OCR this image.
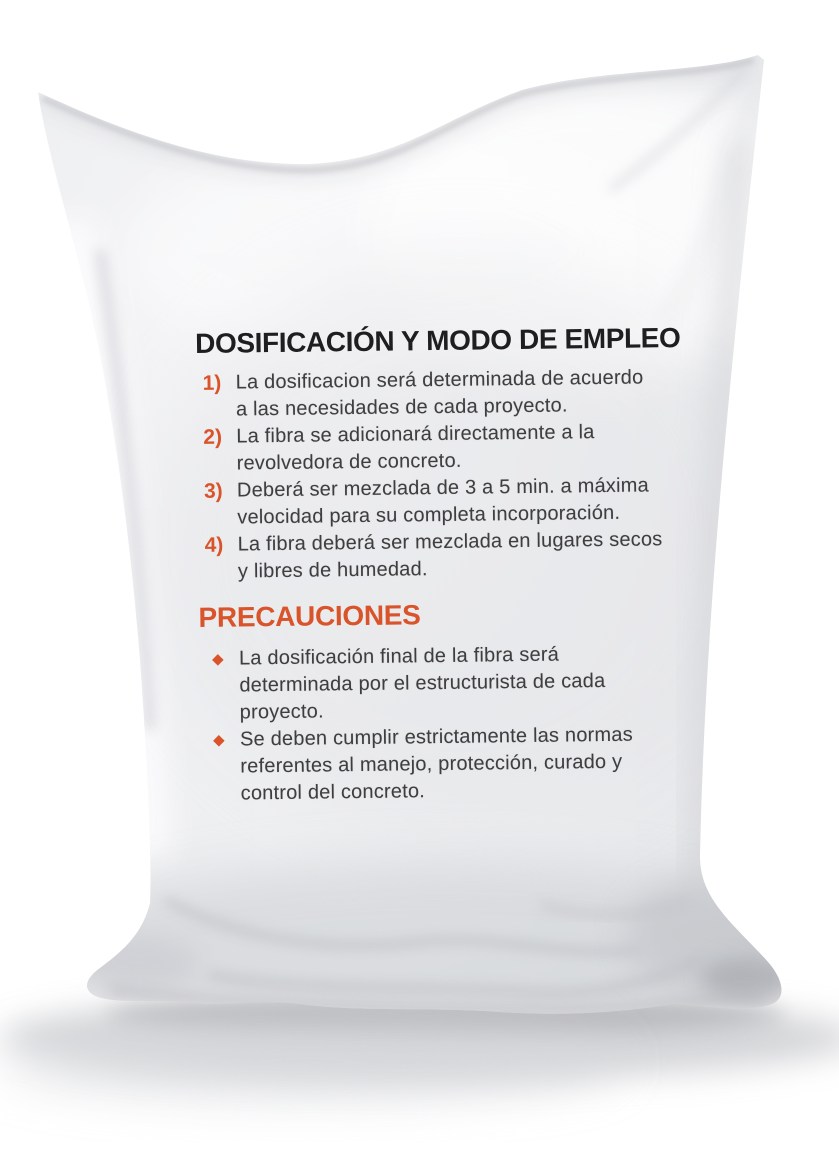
DOSIFICACIÓN Y MODO DE EMPLEO
1) La dosificacion será determinada de acuerdo
a las necesidades de cada proyecto.
2) La fibra se adicionará directamente a la
revolvedora de concreto.
3) Deberá ser mezclada de 3 a 5 min. a máxima
velocidad para su completa incorporación.
4) La fibra deberá ser mezclada en lugares secos
y libres de humedad.
PRECAUCIONES
◆ La dosificación final de la fibra será
determinada por el estructurista de cada
proyecto.
◆ Se deben cumplir estrictamente las normas
referentes al manejo, protección, curado y
control del concreto.
